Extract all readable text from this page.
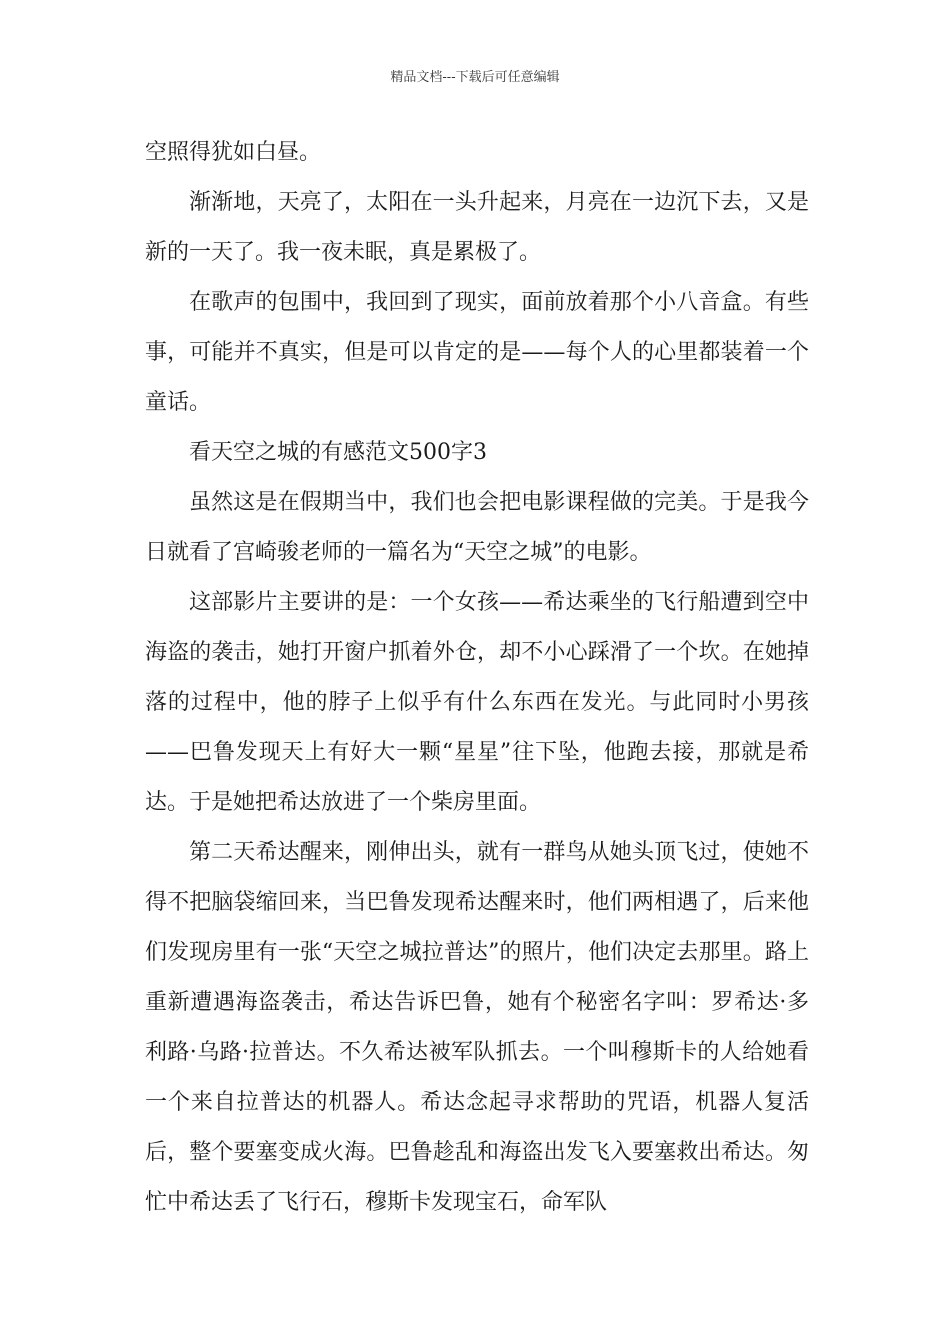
精品文档---下载后可任意编辑

空照得犹如白昼。

渐渐地，天亮了，太阳在一头升起来，月亮在一边沉下去，又是新的一天了。我一夜未眠，真是累极了。

在歌声的包围中，我回到了现实，面前放着那个小八音盒。有些事，可能并不真实，但是可以肯定的是——每个人的心里都装着一个童话。

看天空之城的有感范文500字3

虽然这是在假期当中，我们也会把电影课程做的完美。于是我今日就看了宫崎骏老师的一篇名为“天空之城”的电影。

这部影片主要讲的是：一个女孩——希达乘坐的飞行船遭到空中海盗的袭击，她打开窗户抓着外仓，却不小心踩滑了一个坎。在她掉落的过程中，他的脖子上似乎有什么东西在发光。与此同时小男孩——巴鲁发现天上有好大一颗“星星”往下坠，他跑去接，那就是希达。于是她把希达放进了一个柴房里面。

第二天希达醒来，刚伸出头，就有一群鸟从她头顶飞过，使她不得不把脑袋缩回来，当巴鲁发现希达醒来时，他们两相遇了，后来他们发现房里有一张“天空之城拉普达”的照片，他们决定去那里。路上重新遭遇海盗袭击，希达告诉巴鲁，她有个秘密名字叫：罗希达·多利路·乌路·拉普达。不久希达被军队抓去。一个叫穆斯卡的人给她看一个来自拉普达的机器人。希达念起寻求帮助的咒语，机器人复活后，整个要塞变成火海。巴鲁趁乱和海盗出发飞入要塞救出希达。匆忙中希达丢了飞行石，穆斯卡发现宝石，命军队
